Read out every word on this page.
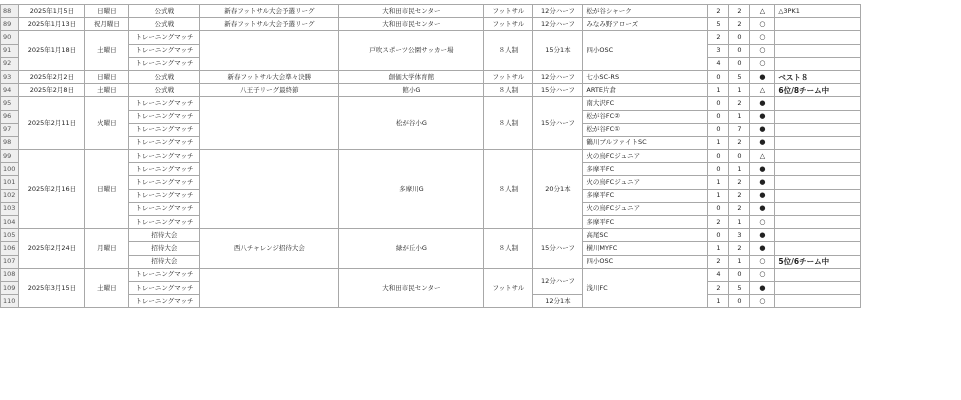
88	2025年1月5日	日曜日	公式戦	新春フットサル大会予選リーグ	大和田市民センター	フットサル	12分ハーフ	松が谷シャーク	2	2	△	△3PK1
89	2025年1月13日	祝月曜日	公式戦	新春フットサル大会予選リーグ	大和田市民センター	フットサル	12分ハーフ	みなみ野アローズ	5	2	○	
90	2025年1月18日	土曜日	トレーニングマッチ		戸吹スポーツ公園サッカー場	８人制	15分1本	四小OSC	2	0	○	
91			トレーニングマッチ						3	0	○	
92			トレーニングマッチ						4	0	○	
93	2025年2月2日	日曜日	公式戦	新春フットサル大会準々決勝	創価大学体育館	フットサル	12分ハーフ	七小SC-RS	0	5	●	ベスト８
94	2025年2月8日	土曜日	公式戦	八王子リーグ最終節	館小G	８人制	15分ハーフ	ARTE片倉	1	1	△	6位/8チーム中
95	2025年2月11日	火曜日	トレーニングマッチ		松が谷小G	８人制	15分ハーフ	南大沢FC	0	2	●	
96			トレーニングマッチ					松が谷FC②	0	1	●	
97			トレーニングマッチ					松が谷FC①	0	7	●	
98			トレーニングマッチ					鶴川ブルファイトSC	1	2	●	
99	2025年2月16日	日曜日	トレーニングマッチ		多摩川G	８人制	20分1本	火の鳥FCジュニア	0	0	△	
100			トレーニングマッチ					多摩平FC	0	1	●	
101			トレーニングマッチ					火の鳥FCジュニア	1	2	●	
102			トレーニングマッチ					多摩平FC	1	2	●	
103			トレーニングマッチ					火の鳥FCジュニア	0	2	●	
104			トレーニングマッチ					多摩平FC	2	1	○	
105	2025年2月24日	月曜日	招待大会	西八チャレンジ招待大会	緑が丘小G	８人制	15分ハーフ	高尾SC	0	3	●	
106			招待大会					横川MYFC	1	2	●	
107			招待大会					四小OSC	2	1	○	5位/6チーム中
108	2025年3月15日	土曜日	トレーニングマッチ		大和田市民センター	フットサル	12分ハーフ	浅川FC	4	0	○	
109			トレーニングマッチ						2	5	●	
110			トレーニングマッチ				12分1本		1	0	○	
